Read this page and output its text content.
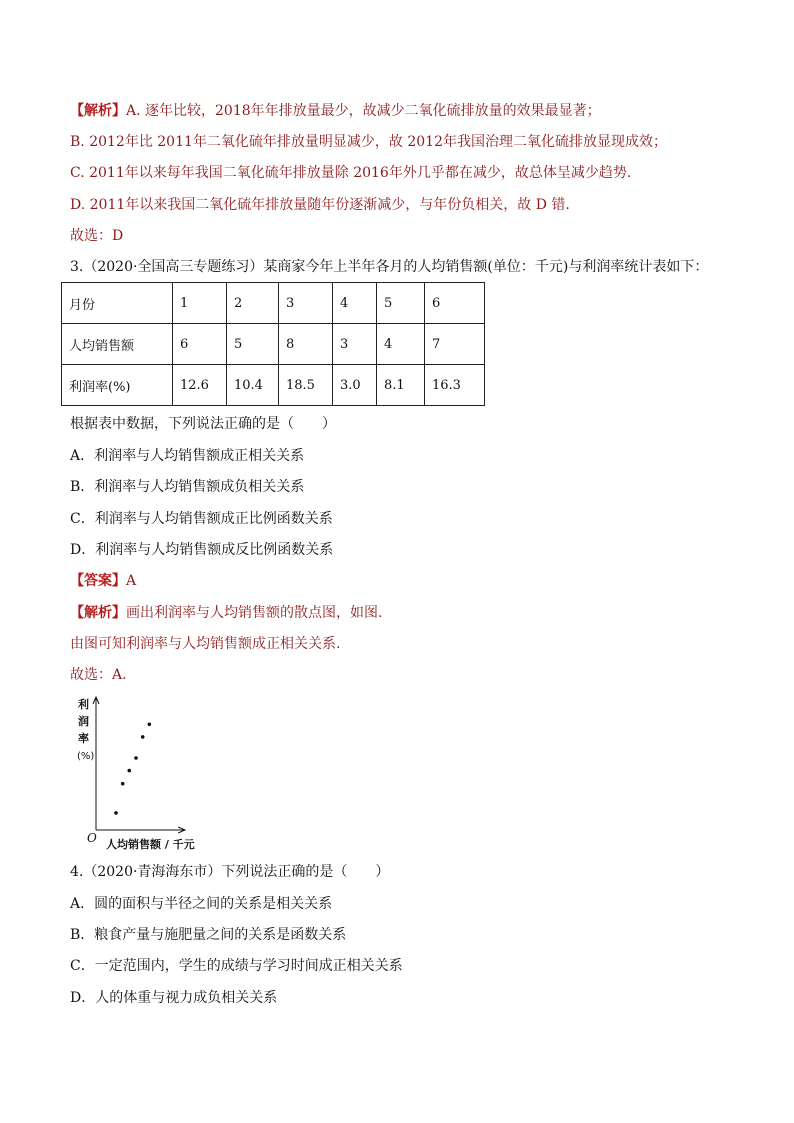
【解析】A. 逐年比较，2018年年排放量最少，故减少二氧化硫排放量的效果最显著；
B. 2012年比 2011年二氧化硫年排放量明显减少，故 2012年我国治理二氧化硫排放显现成效；
C. 2011年以来每年我国二氧化硫年排放量除 2016年外几乎都在减少，故总体呈减少趋势.
D. 2011年以来我国二氧化硫年排放量随年份逐渐减少，与年份负相关，故 D 错.
故选：D
3.（2020·全国高三专题练习）某商家今年上半年各月的人均销售额(单位：千元)与利润率统计表如下：
月份	1	2	3	4	5	6
人均销售额	6	5	8	3	4	7
利润率(%)	12.6	10.4	18.5	3.0	8.1	16.3
根据表中数据，下列说法正确的是（　　）
A．利润率与人均销售额成正相关关系
B．利润率与人均销售额成负相关关系
C．利润率与人均销售额成正比例函数关系
D．利润率与人均销售额成反比例函数关系
【答案】A
【解析】画出利润率与人均销售额的散点图，如图.
由图可知利润率与人均销售额成正相关关系.
故选：A.
利
润
率
(%)
人均销售额 / 千元
O
4.（2020·青海海东市）下列说法正确的是（　　）
A．圆的面积与半径之间的关系是相关关系
B．粮食产量与施肥量之间的关系是函数关系
C．一定范围内，学生的成绩与学习时间成正相关关系
D．人的体重与视力成负相关关系
